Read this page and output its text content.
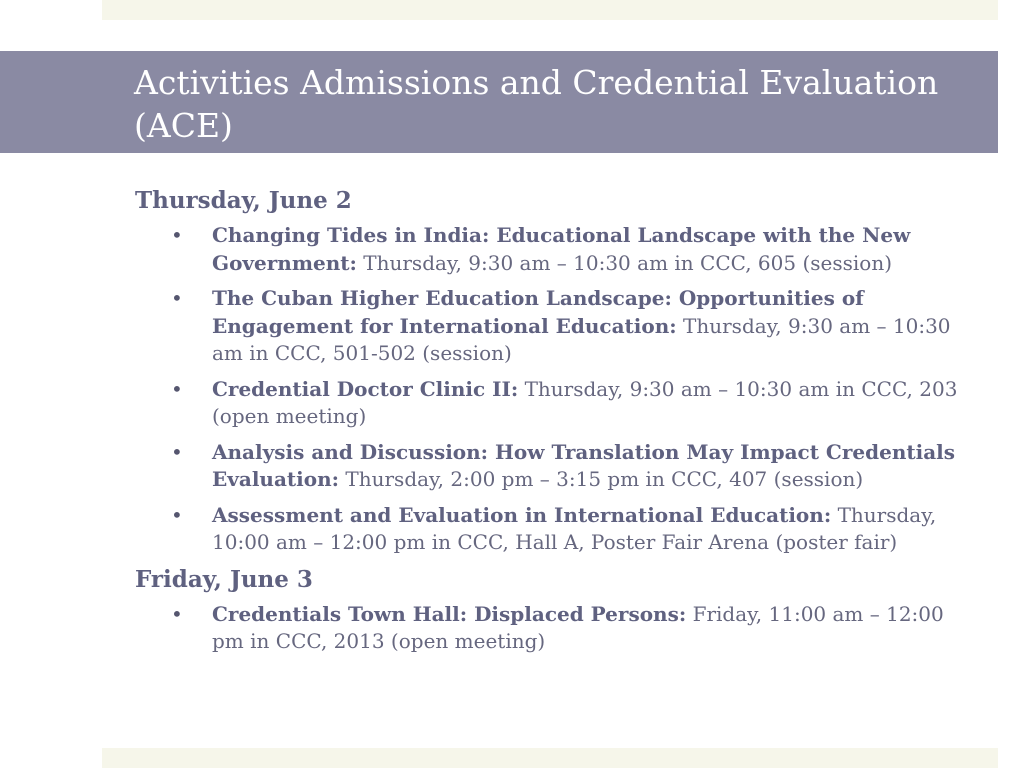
Activities Admissions and Credential Evaluation (ACE)
Thursday, June 2
• Changing Tides in India: Educational Landscape with the New Government: Thursday, 9:30 am – 10:30 am in CCC, 605 (session)
• The Cuban Higher Education Landscape: Opportunities of Engagement for International Education: Thursday, 9:30 am – 10:30 am in CCC, 501-502 (session)
• Credential Doctor Clinic II: Thursday, 9:30 am – 10:30 am in CCC, 203 (open meeting)
• Analysis and Discussion: How Translation May Impact Credentials Evaluation: Thursday, 2:00 pm – 3:15 pm in CCC, 407 (session)
• Assessment and Evaluation in International Education: Thursday, 10:00 am – 12:00 pm in CCC, Hall A, Poster Fair Arena (poster fair)
Friday, June 3
• Credentials Town Hall: Displaced Persons: Friday, 11:00 am – 12:00 pm in CCC, 2013 (open meeting)
